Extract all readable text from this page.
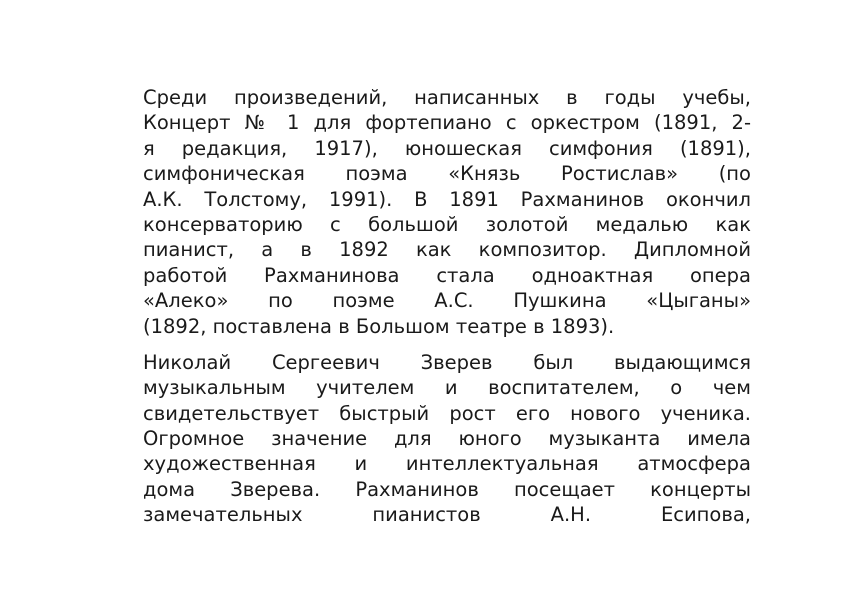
Среди произведений, написанных в годы учебы,
Концерт № 1 для фортепиано с оркестром (1891, 2-
я редакция, 1917), юношеская симфония (1891),
симфоническая поэма «Князь Ростислав» (по
А.К. Толстому, 1991). В 1891 Рахманинов окончил
консерваторию с большой золотой медалью как
пианист, а в 1892 как композитор. Дипломной
работой Рахманинова стала одноактная опера
«Алеко» по поэме А.С. Пушкина «Цыганы»
(1892, поставлена в Большом театре в 1893).
Николай Сергеевич Зверев был выдающимся
музыкальным учителем и воспитателем, о чем
свидетельствует быстрый рост его нового ученика.
Огромное значение для юного музыканта имела
художественная и интеллектуальная атмосфера
дома Зверева. Рахманинов посещает концерты
замечательных пианистов А.Н. Есипова,
